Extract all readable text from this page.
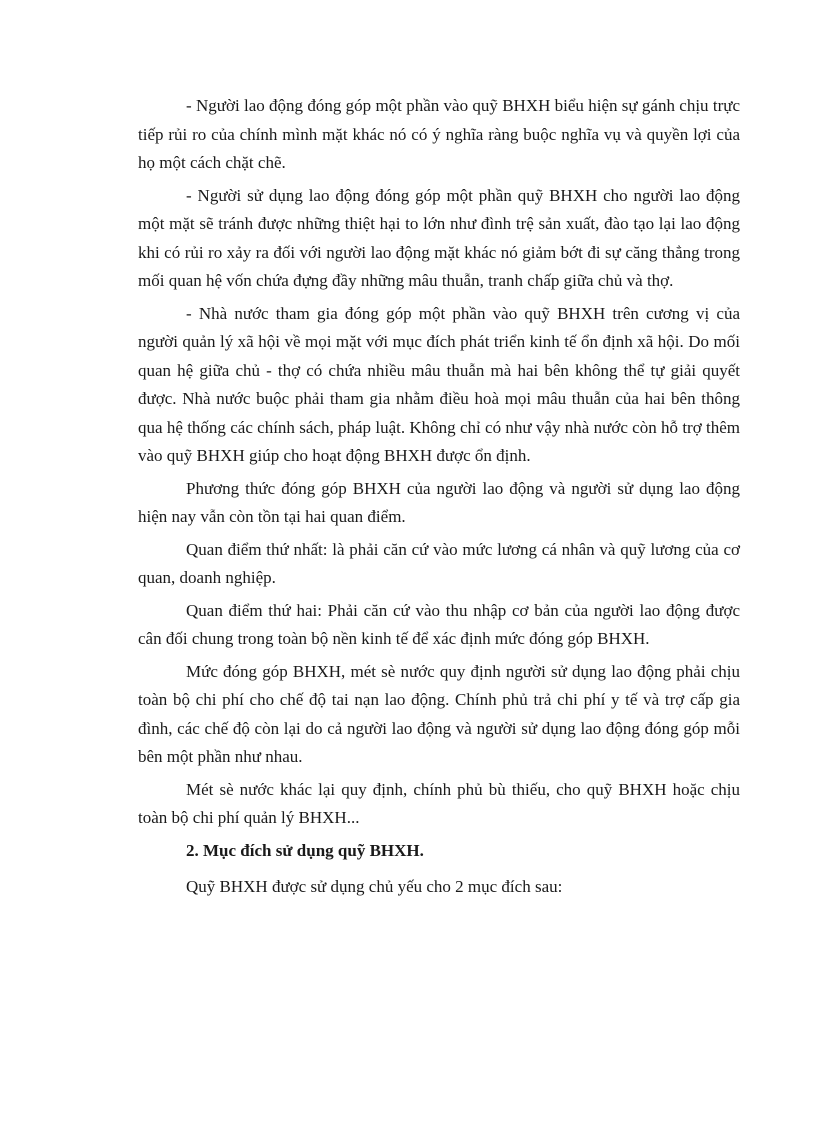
- Người lao động đóng góp một phần vào quỹ BHXH biểu hiện sự gánh chịu trực tiếp rủi ro của chính mình mặt khác nó có ý nghĩa ràng buộc nghĩa vụ và quyền lợi của họ một cách chặt chẽ.

- Người sử dụng lao động đóng góp một phần quỹ BHXH cho người lao động một mặt sẽ tránh được những thiệt hại to lớn như đình trệ sản xuất, đào tạo lại lao động khi có rủi ro xảy ra đối với người lao động mặt khác nó giảm bớt đi sự căng thẳng trong mối quan hệ vốn chứa đựng đầy những mâu thuẫn, tranh chấp giữa chủ và thợ.

- Nhà nước tham gia đóng góp một phần vào quỹ BHXH trên cương vị của người quản lý xã hội về mọi mặt với mục đích phát triển kinh tế ổn định xã hội. Do mối quan hệ giữa chủ - thợ có chứa nhiều mâu thuẫn mà hai bên không thể tự giải quyết được. Nhà nước buộc phải tham gia nhằm điều hoà mọi mâu thuẫn của hai bên thông qua hệ thống các chính sách, pháp luật. Không chỉ có như vậy nhà nước còn hỗ trợ thêm vào quỹ BHXH giúp cho hoạt động BHXH được ổn định.

Phương thức đóng góp BHXH của người lao động và người sử dụng lao động hiện nay vẫn còn tồn tại hai quan điểm.

Quan điểm thứ nhất: là phải căn cứ vào mức lương cá nhân và quỹ lương của cơ quan, doanh nghiệp.

Quan điểm thứ hai: Phải căn cứ vào thu nhập cơ bản của người lao động được cân đối chung trong toàn bộ nền kinh tế để xác định mức đóng góp BHXH.

Mức đóng góp BHXH, mét sè nước quy định người sử dụng lao động phải chịu toàn bộ chi phí cho chế độ tai nạn lao động. Chính phủ trả chi phí y tế và trợ cấp gia đình, các chế độ còn lại do cả người lao động và người sử dụng lao động đóng góp mỗi bên một phần như nhau.

Mét sè nước khác lại quy định, chính phủ bù thiếu, cho quỹ BHXH hoặc chịu toàn bộ chi phí quản lý BHXH...

2. Mục đích sử dụng quỹ BHXH.

Quỹ BHXH được sử dụng chủ yếu cho 2 mục đích sau:
